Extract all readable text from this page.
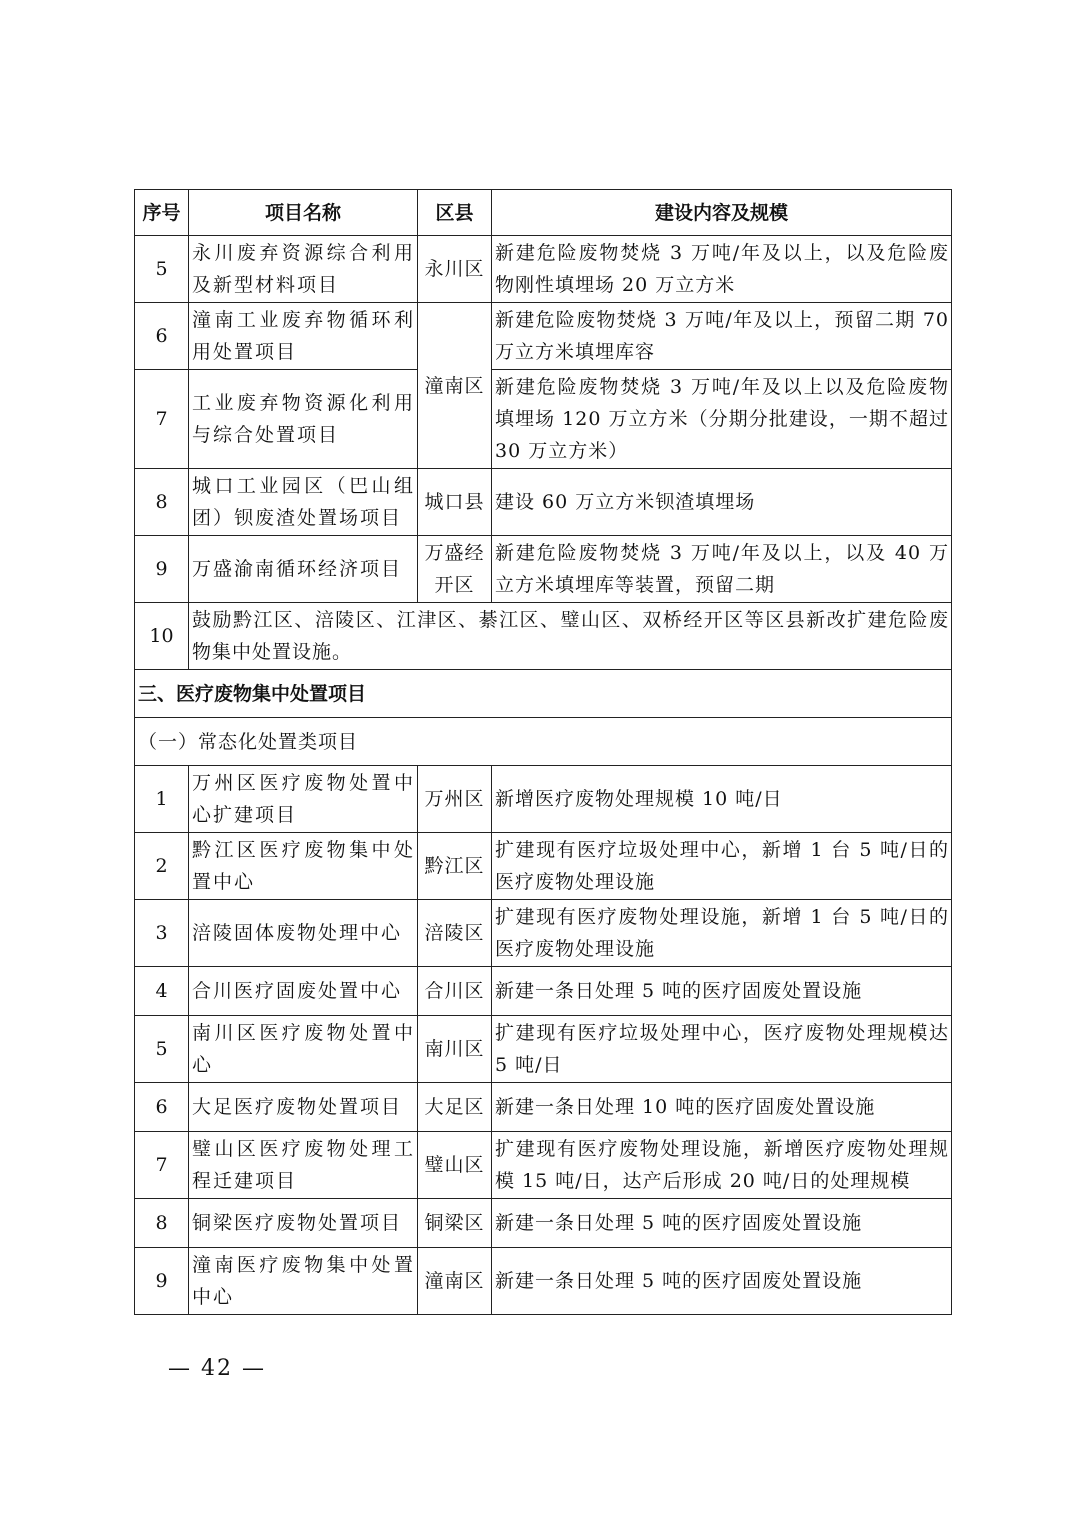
序号	项目名称	区县	建设内容及规模
5	永川废弃资源综合利用及新型材料项目	永川区	新建危险废物焚烧 3 万吨/年及以上，以及危险废物刚性填埋场 20 万立方米
6	潼南工业废弃物循环利用处置项目	潼南区	新建危险废物焚烧 3 万吨/年及以上，预留二期 70 万立方米填埋库容
7	工业废弃物资源化利用与综合处置项目		新建危险废物焚烧 3 万吨/年及以上以及危险废物填埋场 120 万立方米（分期分批建设，一期不超过 30 万立方米）
8	城口工业园区（巴山组团）钡废渣处置场项目	城口县	建设 60 万立方米钡渣填埋场
9	万盛渝南循环经济项目	万盛经开区	新建危险废物焚烧 3 万吨/年及以上，以及 40 万立方米填埋库等装置，预留二期
10	鼓励黔江区、涪陵区、江津区、綦江区、璧山区、双桥经开区等区县新改扩建危险废物集中处置设施。		
三、医疗废物集中处置项目			
（一）常态化处置类项目			
1	万州区医疗废物处置中心扩建项目	万州区	新增医疗废物处理规模 10 吨/日
2	黔江区医疗废物集中处置中心	黔江区	扩建现有医疗垃圾处理中心，新增 1 台 5 吨/日的医疗废物处理设施
3	涪陵固体废物处理中心	涪陵区	扩建现有医疗废物处理设施，新增 1 台 5 吨/日的医疗废物处理设施
4	合川医疗固废处置中心	合川区	新建一条日处理 5 吨的医疗固废处置设施
5	南川区医疗废物处置中心	南川区	扩建现有医疗垃圾处理中心，医疗废物处理规模达 5 吨/日
6	大足医疗废物处置项目	大足区	新建一条日处理 10 吨的医疗固废处置设施
7	璧山区医疗废物处理工程迁建项目	璧山区	扩建现有医疗废物处理设施，新增医疗废物处理规模 15 吨/日，达产后形成 20 吨/日的处理规模
8	铜梁医疗废物处置项目	铜梁区	新建一条日处理 5 吨的医疗固废处置设施
9	潼南医疗废物集中处置中心	潼南区	新建一条日处理 5 吨的医疗固废处置设施
— 42 —
